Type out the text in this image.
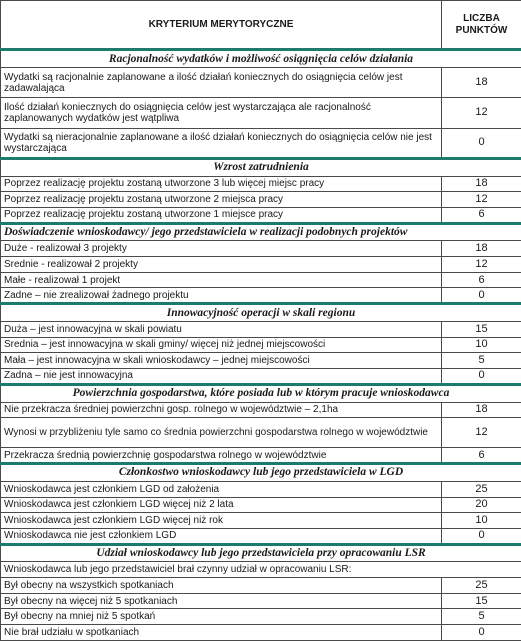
KRYTERIUM MERYTORYCZNE	LICZBA
PUNKTÓW

Racjonalność wydatków i możliwość osiągnięcia celów działania	
Wydatki są racjonalnie zaplanowane a ilość działań koniecznych do osiągnięcia celów jest zadawalająca	18
Ilość działań koniecznych do osiągnięcia celów jest wystarczająca ale racjonalność zaplanowanych wydatków jest wątpliwa	12
Wydatki są nieracjonalnie zaplanowane a ilość działań koniecznych do osiągnięcia celów nie jest wystarczająca	0
Wzrost zatrudnienia	
Poprzez realizację projektu zostaną utworzone 3 lub więcej miejsc pracy	18
Poprzez realizację projektu zostaną utworzone 2 miejsca pracy	12
Poprzez realizację projektu zostaną utworzone 1 miejsce pracy	6
Doświadczenie wnioskodawcy/ jego przedstawiciela w realizacji podobnych projektów	
Duże - realizował 3 projekty	18
Srednie - realizował 2 projekty	12
Małe - realizował 1 projekt	6
Zadne – nie zrealizował żadnego projektu	0
Innowacyjność operacji w skali regionu	
Duża – jest innowacyjna w skali powiatu	15
Srednia – jest innowacyjna w skali gminy/ więcej niż jednej miejscowości	10
Mała – jest innowacyjna w skali wnioskodawcy – jednej miejscowości	5
Zadna – nie jest innowacyjna	0
Powierzchnia gospodarstwa, które posiada lub w którym pracuje wnioskodawca	
Nie przekracza średniej powierzchni gosp. rolnego w województwie – 2,1ha	18
Wynosi w przybliżeniu tyle samo co średnia powierzchni gospodarstwa rolnego w województwie	12
Przekracza średnią powierzchnię gospodarstwa rolnego w województwie	6
Członkostwo wnioskodawcy lub jego przedstawiciela w LGD	
Wnioskodawca jest członkiem LGD od założenia	25
Wnioskodawca jest członkiem LGD więcej niż 2 lata	20
Wnioskodawca jest członkiem LGD więcej niż rok	10
Wnioskodawca nie jest członkiem LGD	0
Udział wnioskodawcy lub jego przedstawiciela przy opracowaniu LSR	
Wnioskodawca lub jego przedstawiciel brał czynny udział w opracowaniu LSR:	
Był obecny na wszystkich spotkaniach	25
Był obecny na więcej niż 5 spotkaniach	15
Był obecny na mniej niż 5 spotkań	5
Nie brał udziału w spotkaniach	0
